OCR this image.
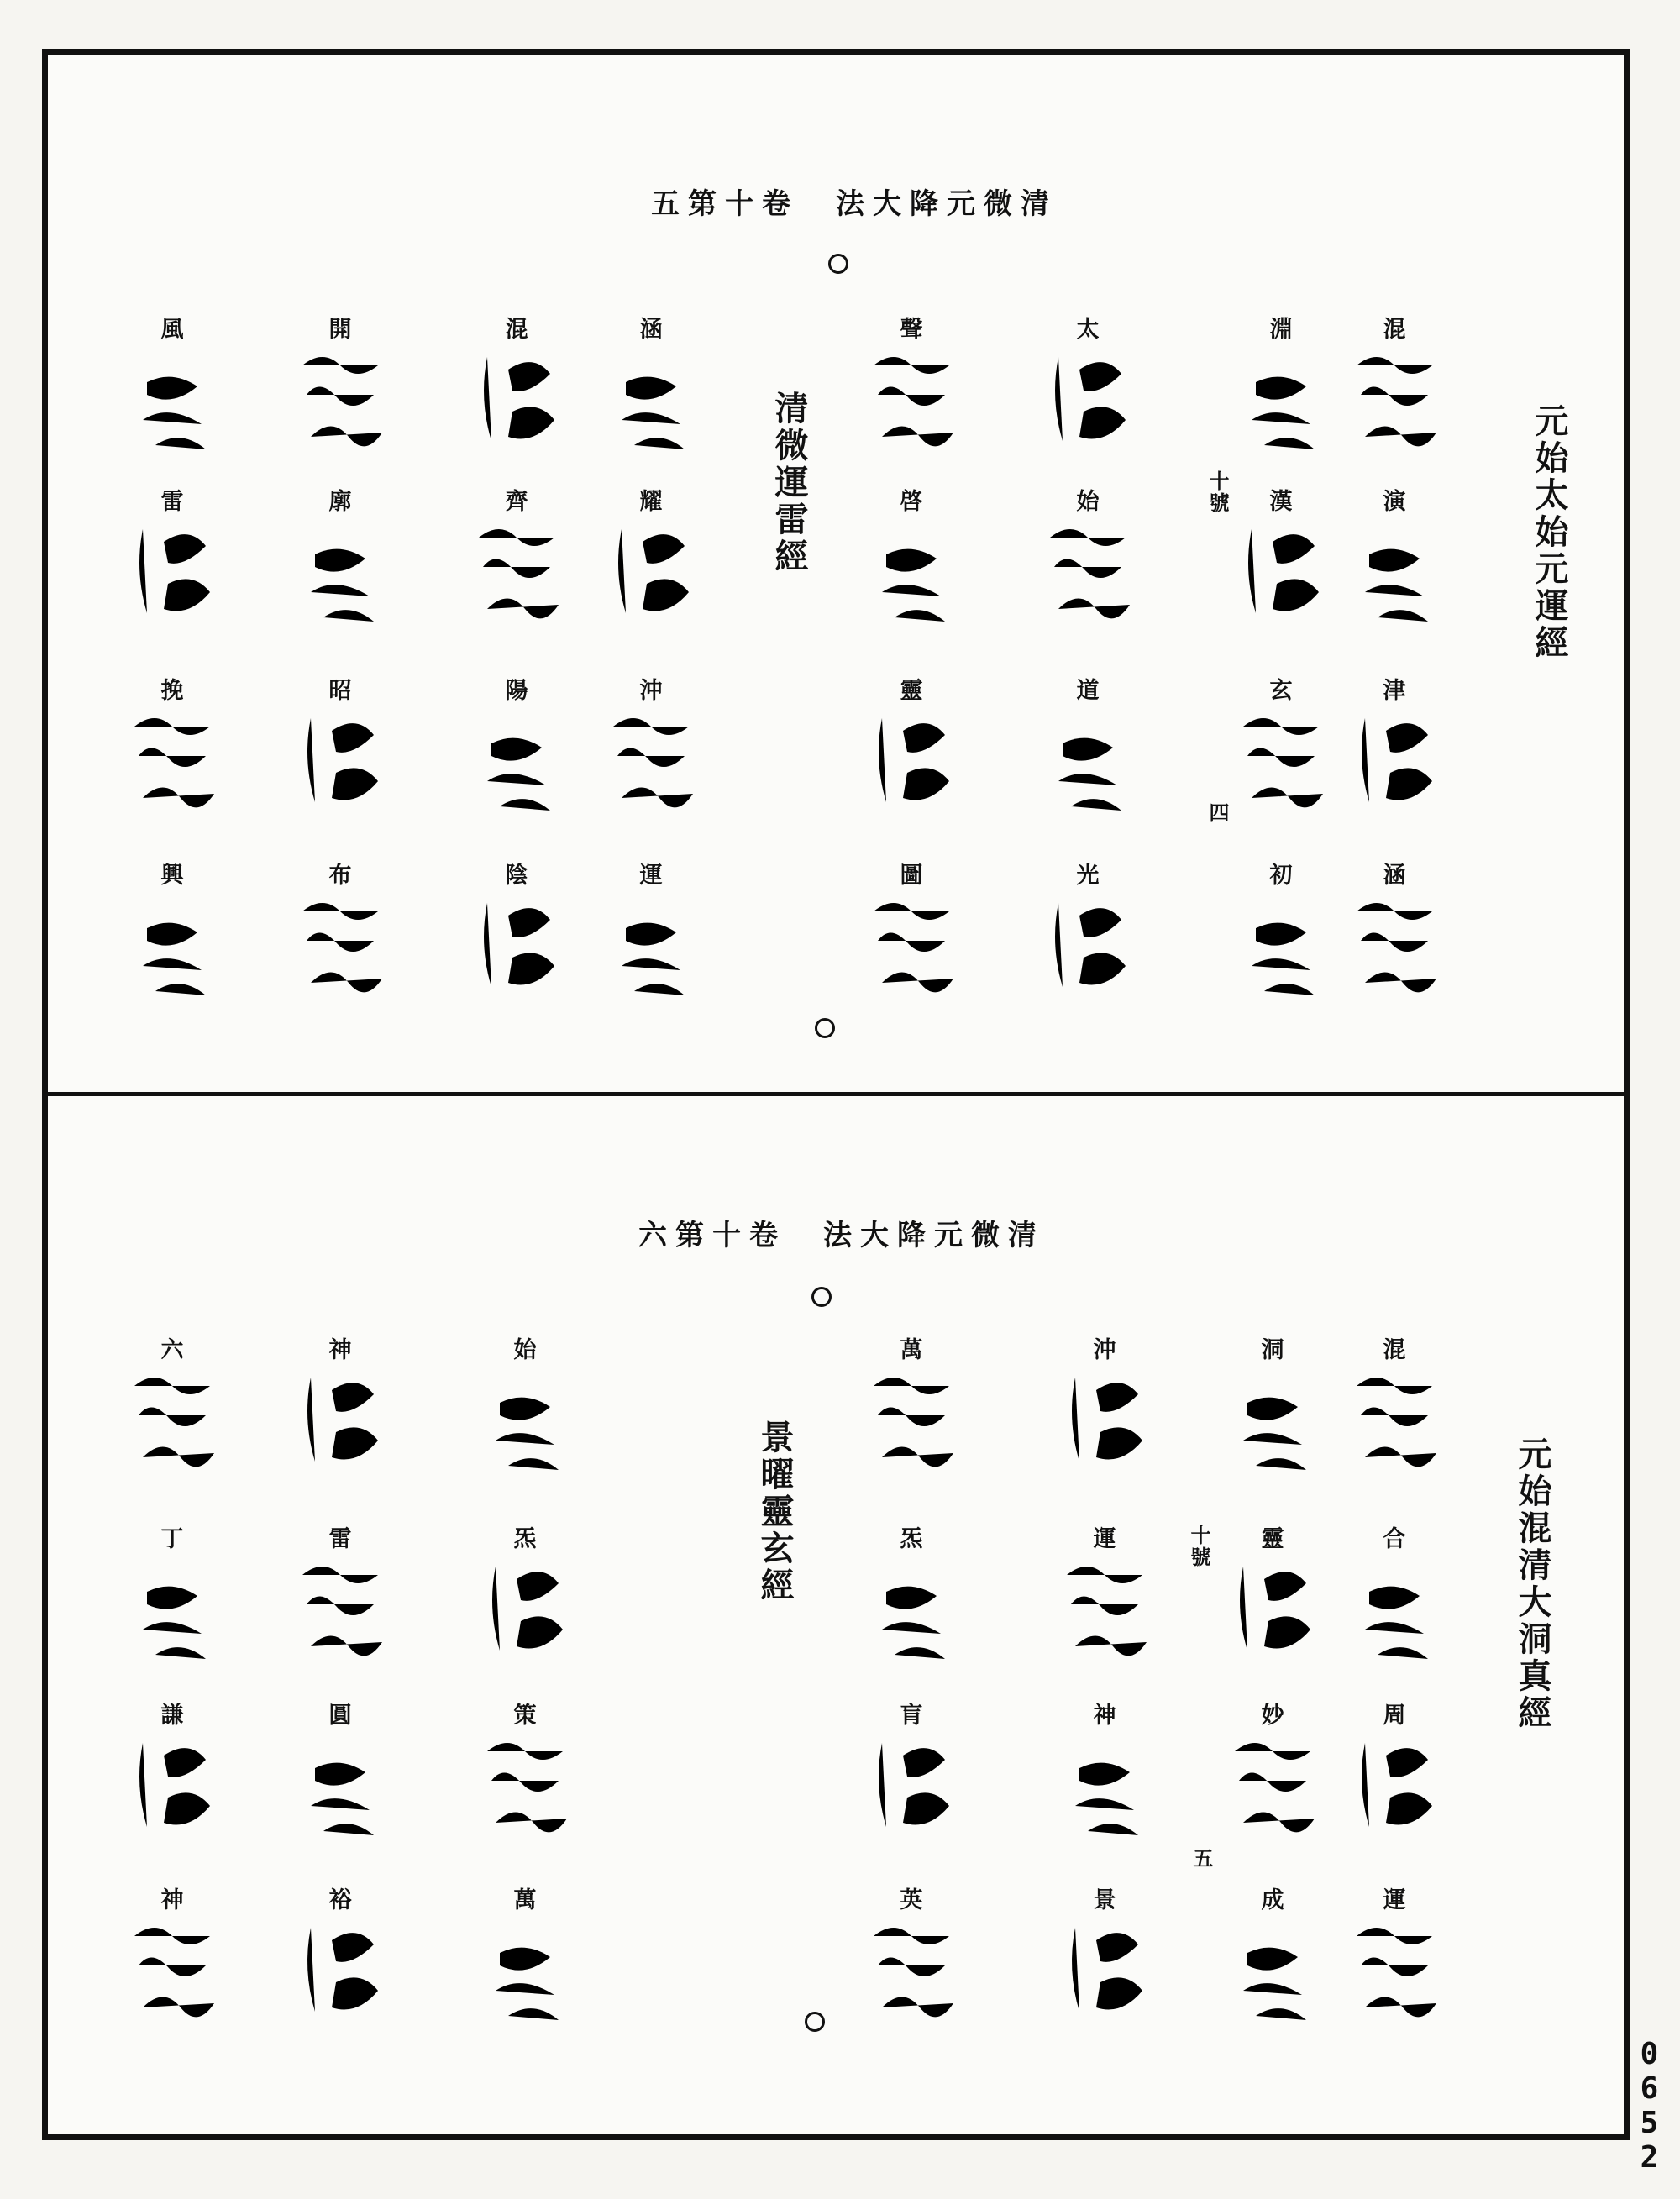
0652
五第十卷　法大降元微清
元始太始元運經
清微運雷經	十號
四
混
演
津
涵
淵
漢
玄
初
太
始
道
光
聲
啓
靈
圖
涵
耀
沖
運
混
齊
陽
陰
開
廓
昭
布
風
雷
挽
興
六第十卷　法大降元微清
元始混清大洞真經
景曜靈玄經	十號
五
混
合
周
運
洞
靈
妙
成
沖
運
神
景
萬
炁
肓
英
始
炁
策
萬
神
雷
圓
裕
六
丁
謙
神
